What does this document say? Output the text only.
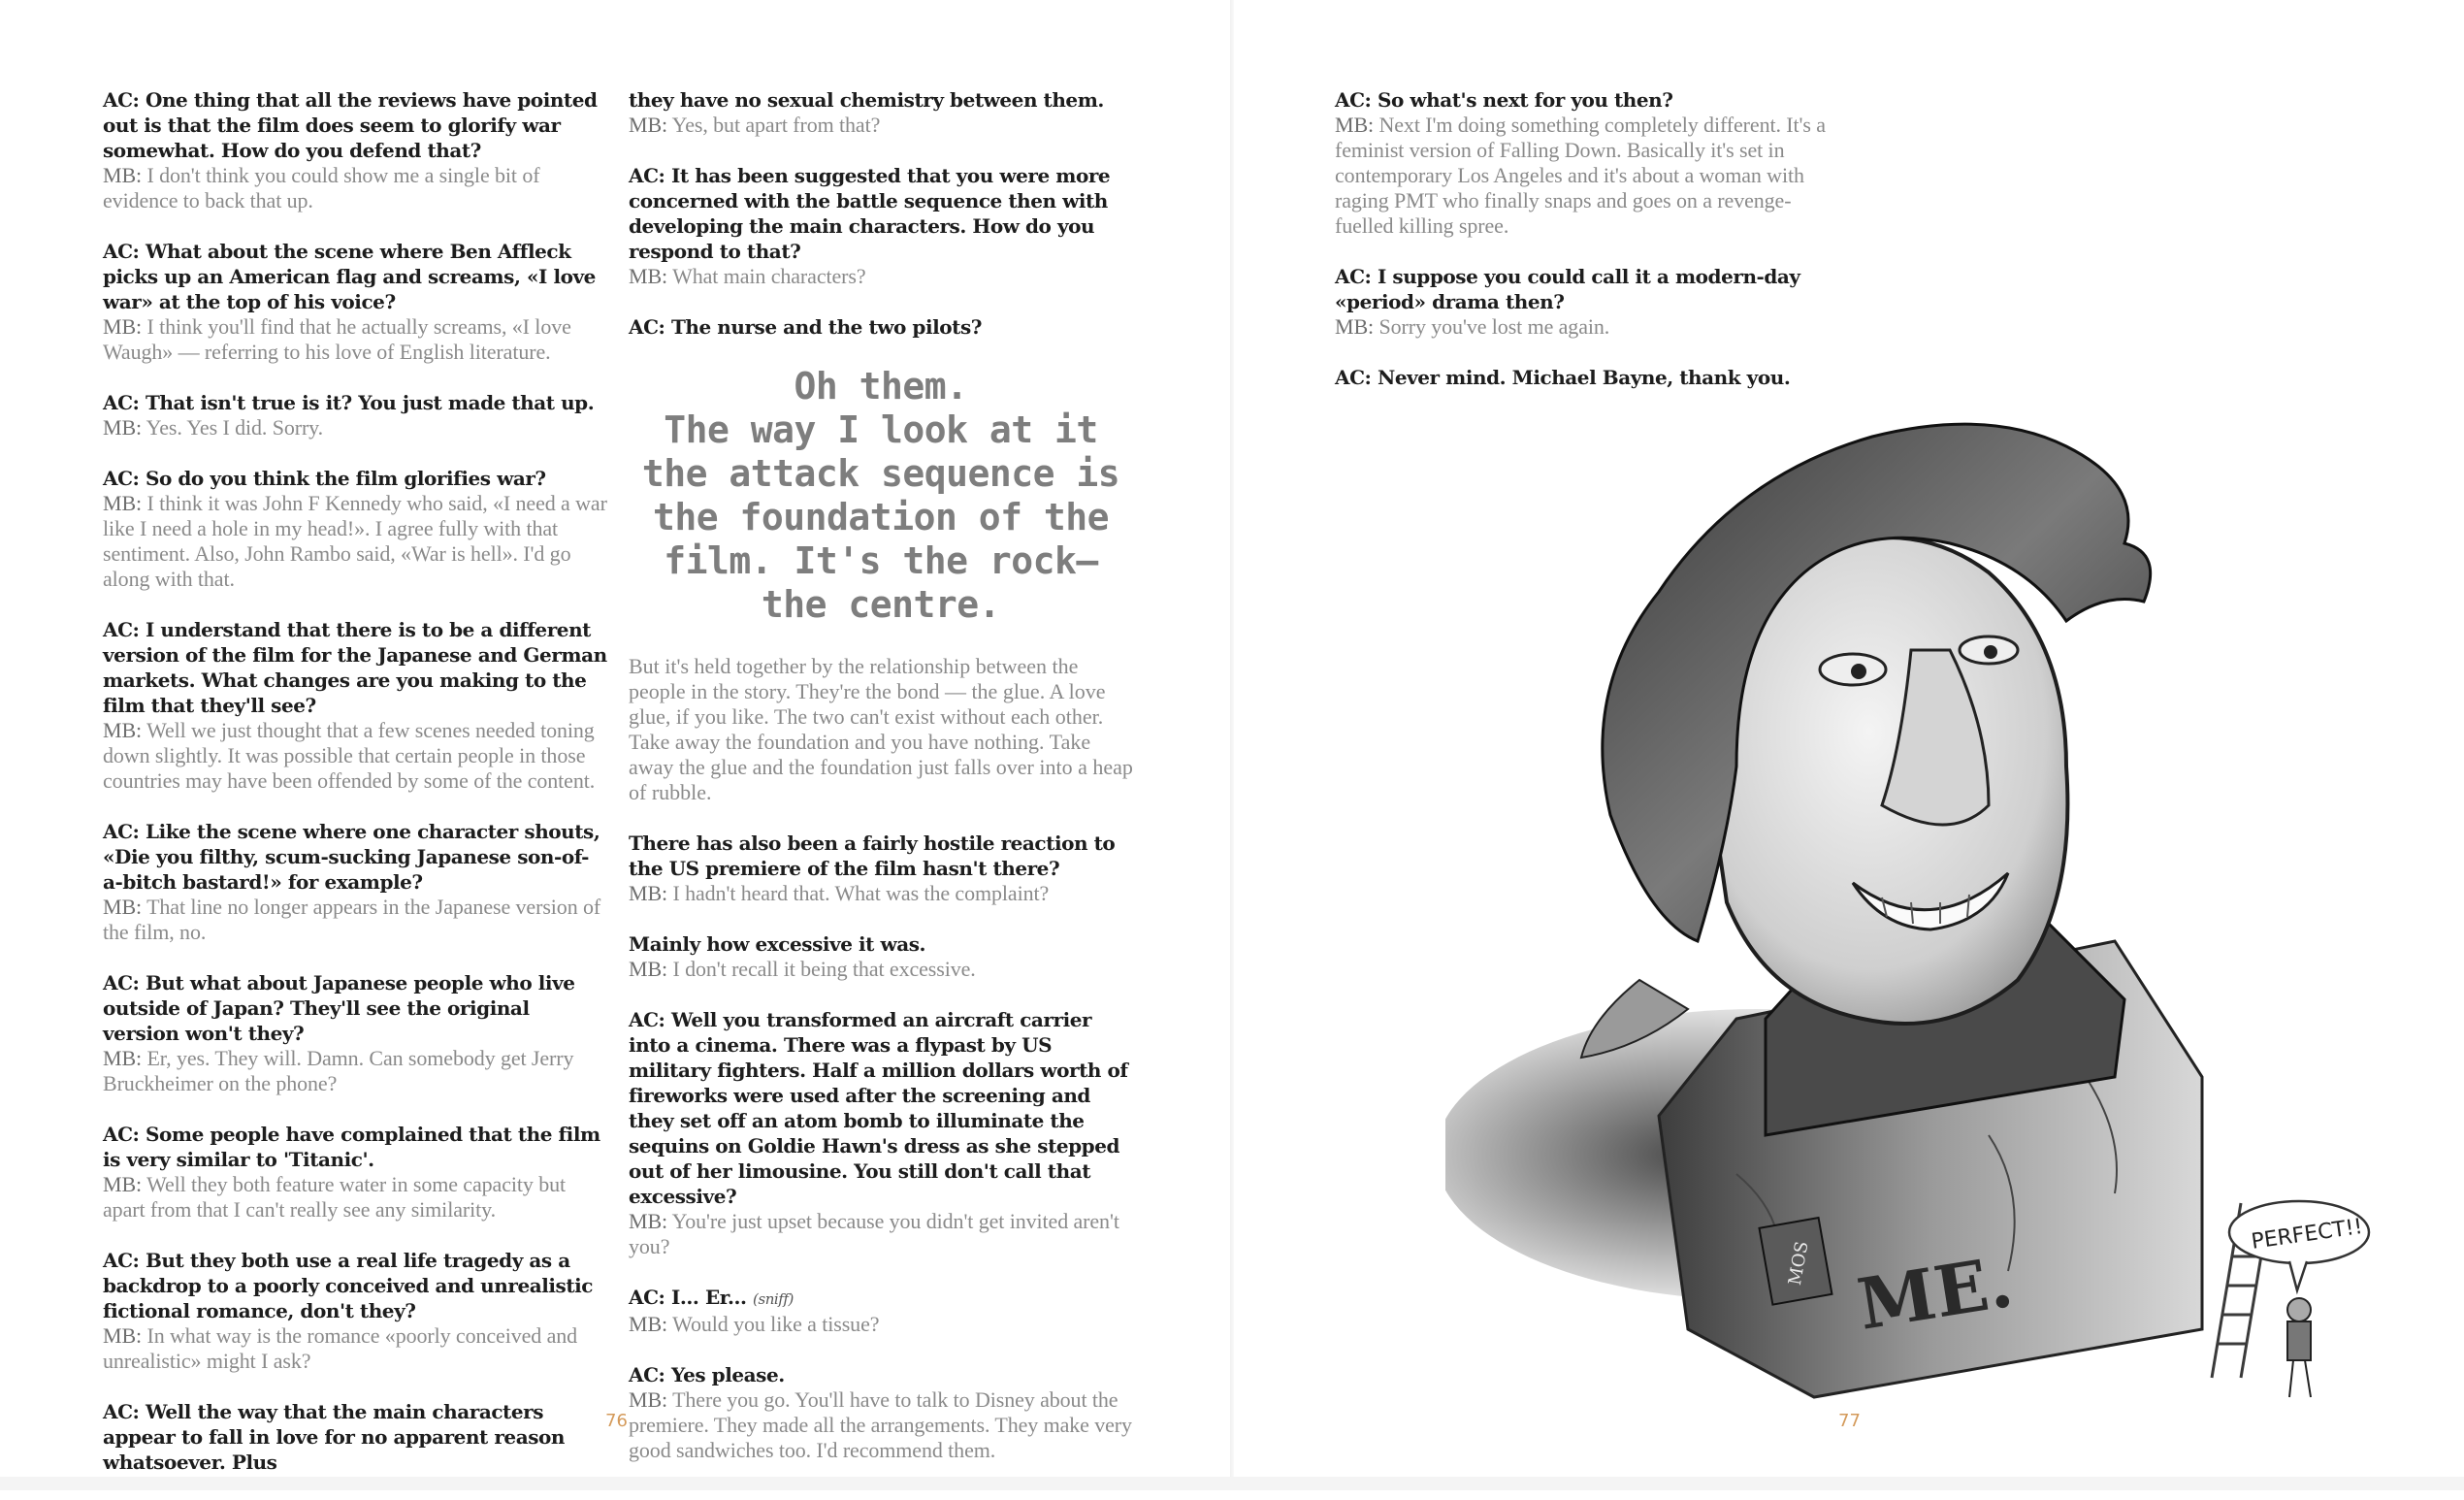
AC: One thing that all the reviews have pointed out is that the film does seem to glorify war somewhat. How do you defend that?
MB: I don't think you could show me a single bit of evidence to back that up.
AC: What about the scene where Ben Affleck picks up an American flag and screams, «I love war» at the top of his voice?
MB: I think you'll find that he actually screams, «I love Waugh» — referring to his love of English literature.
AC: That isn't true is it? You just made that up.
MB: Yes. Yes I did. Sorry.
AC: So do you think the film glorifies war?
MB: I think it was John F Kennedy who said, «I need a war like I need a hole in my head!». I agree fully with that sentiment. Also, John Rambo said, «War is hell». I'd go along with that.
AC: I understand that there is to be a different version of the film for the Japanese and German markets. What changes are you making to the film that they'll see?
MB: Well we just thought that a few scenes needed toning down slightly. It was possible that certain people in those countries may have been offended by some of the content.
AC: Like the scene where one character shouts, «Die you filthy, scum-sucking Japanese son-of-a-bitch bastard!» for example?
MB: That line no longer appears in the Japanese version of the film, no.
AC: But what about Japanese people who live outside of Japan? They'll see the original version won't they?
MB: Er, yes. They will. Damn. Can somebody get Jerry Bruckheimer on the phone?
AC: Some people have complained that the film is very similar to 'Titanic'.
MB: Well they both feature water in some capacity but apart from that I can't really see any similarity.
AC: But they both use a real life tragedy as a backdrop to a poorly conceived and unrealistic fictional romance, don't they?
MB: In what way is the romance «poorly conceived and unrealistic» might I ask?
AC: Well the way that the main characters appear to fall in love for no apparent reason whatsoever. Plus
they have no sexual chemistry between them.
MB: Yes, but apart from that?
AC: It has been suggested that you were more concerned with the battle sequence then with developing the main characters. How do you respond to that?
MB: What main characters?
AC: The nurse and the two pilots?
Oh them.
The way I look at it
the attack sequence is
the foundation of the
film. It's the rock—
the centre.
But it's held together by the relationship between the people in the story. They're the bond — the glue. A love glue, if you like. The two can't exist without each other. Take away the foundation and you have nothing. Take away the glue and the foundation just falls over into a heap of rubble.
There has also been a fairly hostile reaction to the US premiere of the film hasn't there?
MB: I hadn't heard that. What was the complaint?
Mainly how excessive it was.
MB: I don't recall it being that excessive.
AC: Well you transformed an aircraft carrier into a cinema. There was a flypast by US military fighters. Half a million dollars worth of fireworks were used after the screening and they set off an atom bomb to illuminate the sequins on Goldie Hawn's dress as she stepped out of her limousine. You still don't call that excessive?
MB: You're just upset because you didn't get invited aren't you?
AC: I... Er... (sniff)
MB: Would you like a tissue?
AC: Yes please.
MB: There you go. You'll have to talk to Disney about the premiere. They made all the arrangements. They make very good sandwiches too. I'd recommend them.
AC: So what's next for you then?
MB: Next I'm doing something completely different. It's a feminist version of Falling Down. Basically it's set in contemporary Los Angeles and it's about a woman with raging PMT who finally snaps and goes on a revenge-fuelled killing spree.
AC: I suppose you could call it a modern-day «period» drama then?
MB: Sorry you've lost me again.
AC: Never mind. Michael Bayne, thank you.
ME.
MOS
PERFECT!!
76	77
